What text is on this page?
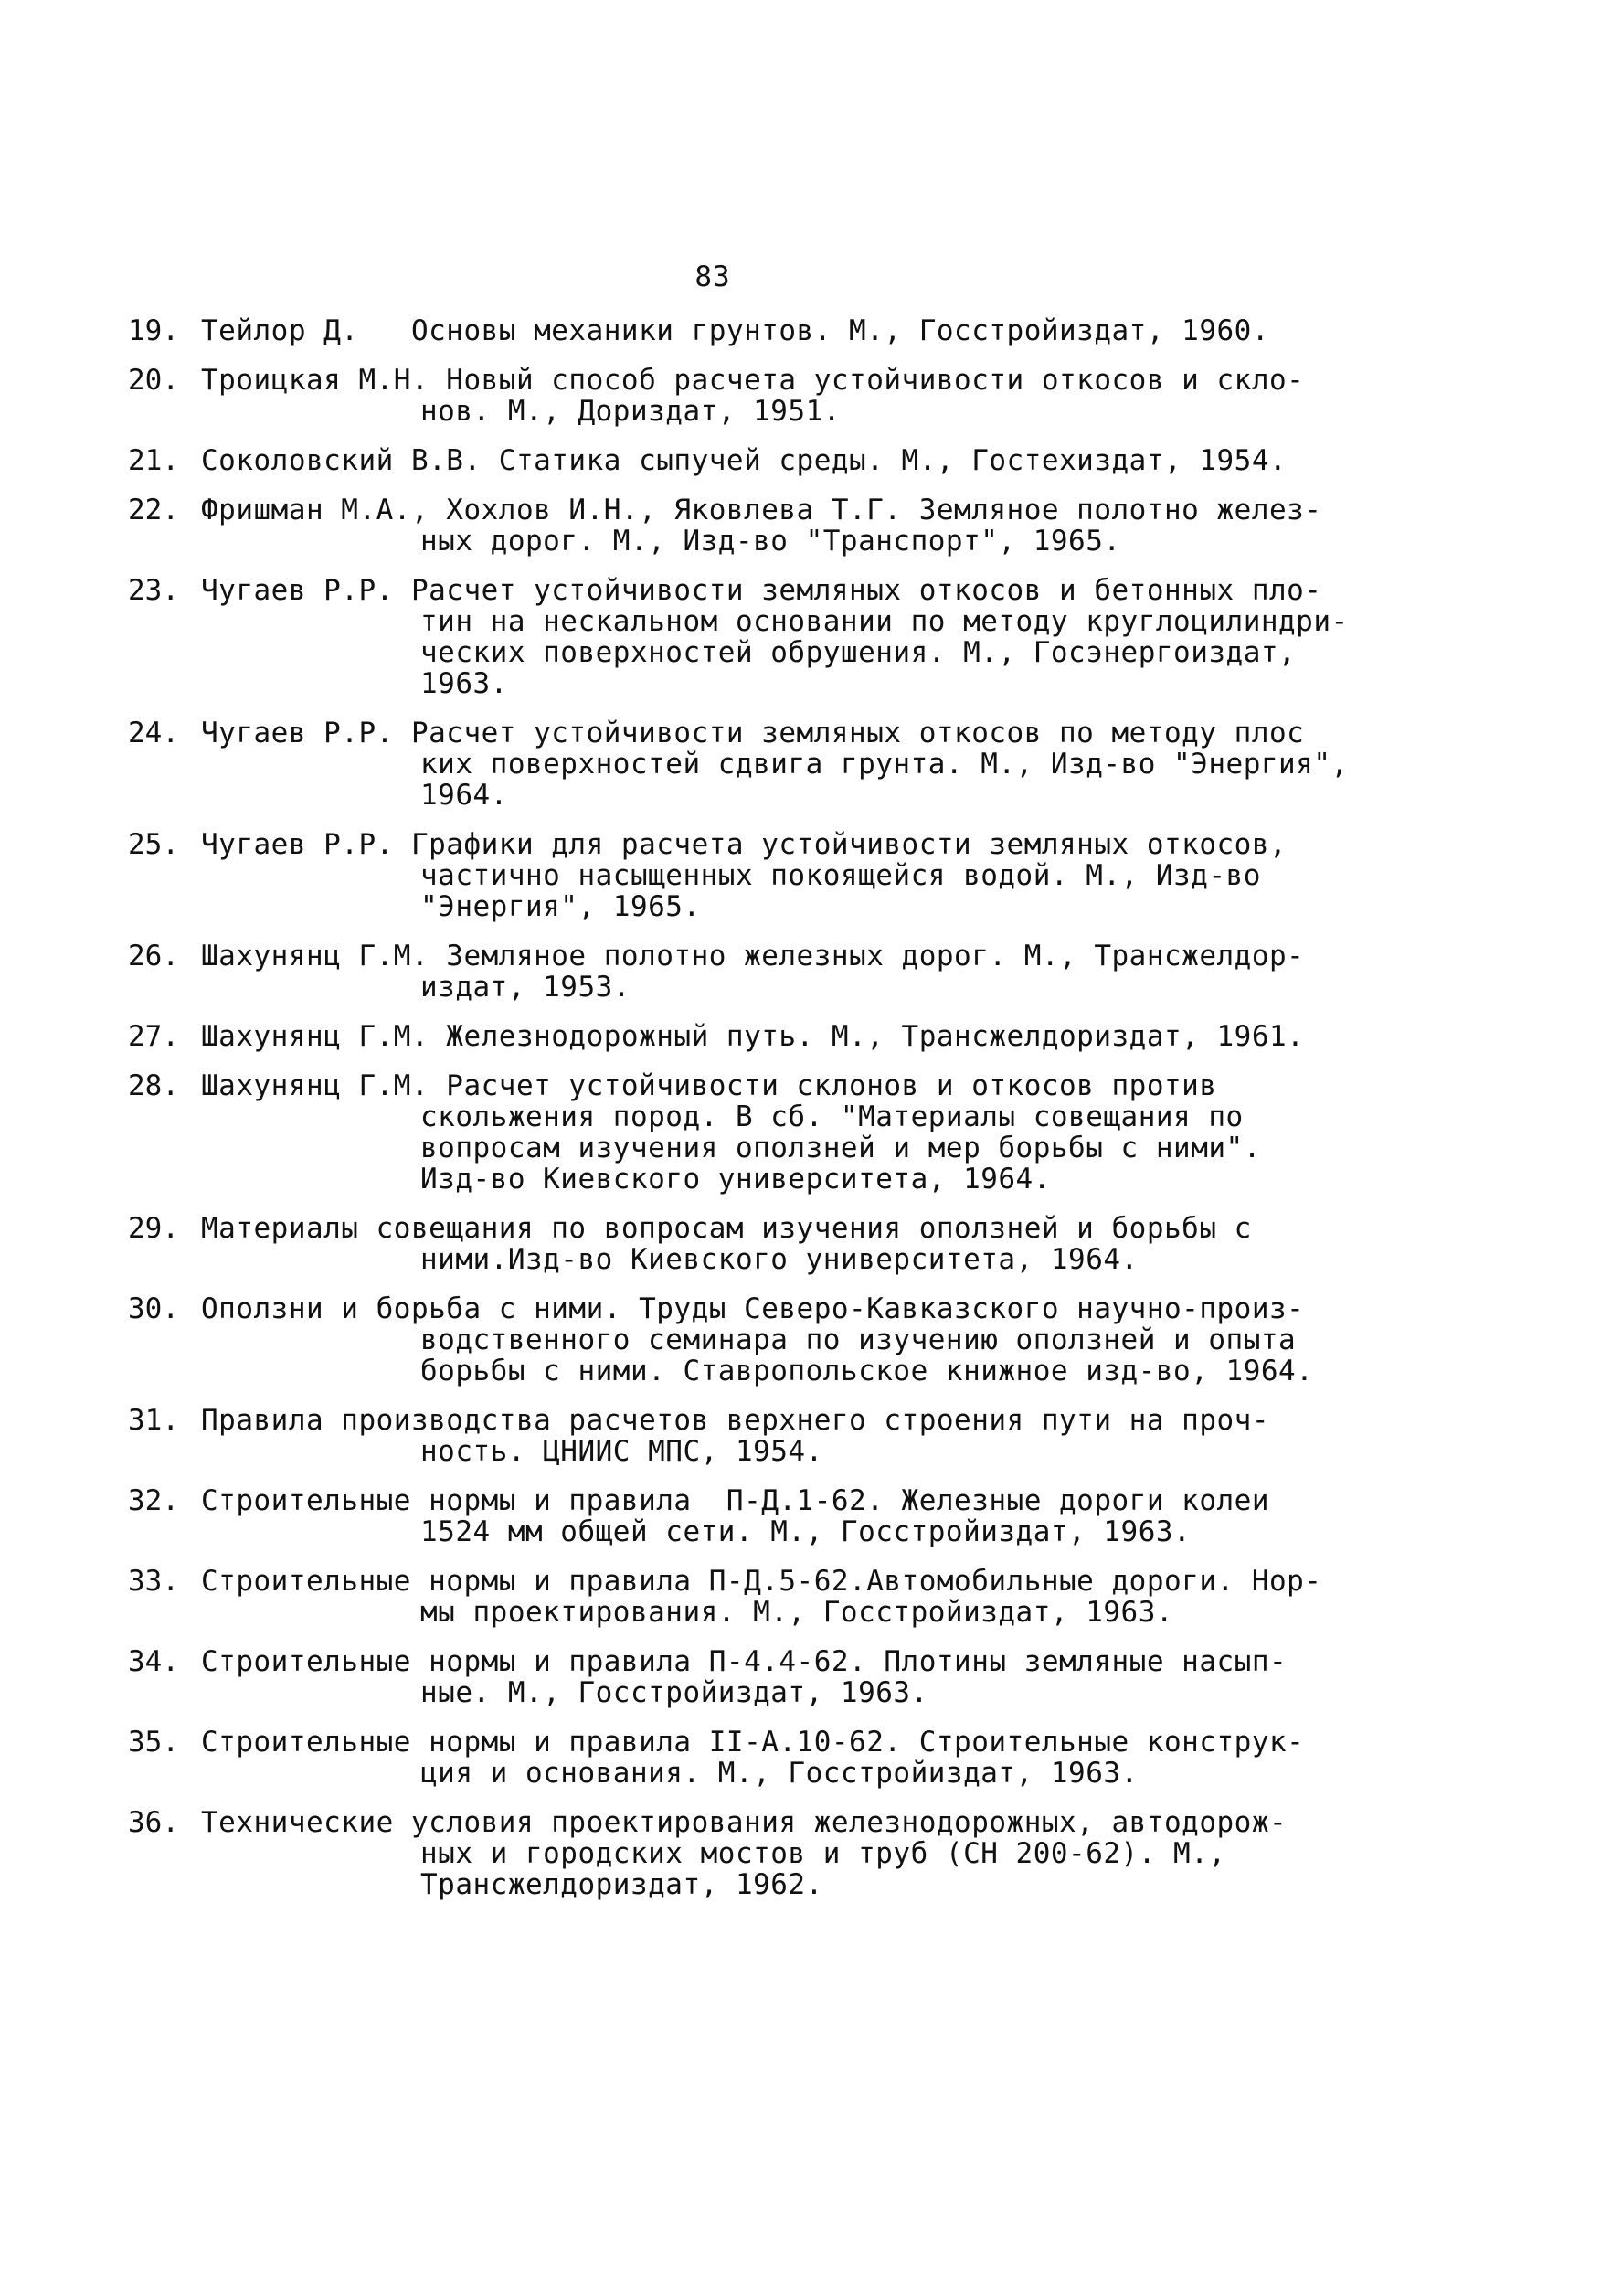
83
19. Тейлор Д.   Основы механики грунтов. М., Госстройиздат, 1960.
20. Троицкая М.Н. Новый способ расчета устойчивости откосов и скло-
нов. М., Дориздат, 1951.
21. Соколовский В.В. Статика сыпучей среды. М., Гостехиздат, 1954.
22. Фришман М.А., Хохлов И.Н., Яковлева Т.Г. Земляное полотно желез-
ных дорог. М., Изд-во "Транспорт", 1965.
23. Чугаев Р.Р. Расчет устойчивости земляных откосов и бетонных пло-
тин на нескальном основании по методу круглоцилиндри-
ческих поверхностей обрушения. М., Госэнергоиздат,
1963.
24. Чугаев Р.Р. Расчет устойчивости земляных откосов по методу плос
ких поверхностей сдвига грунта. М., Изд-во "Энергия",
1964.
25. Чугаев Р.Р. Графики для расчета устойчивости земляных откосов,
частично насыщенных покоящейся водой. М., Изд-во
"Энергия", 1965.
26. Шахунянц Г.М. Земляное полотно железных дорог. М., Трансжелдор-
издат, 1953.
27. Шахунянц Г.М. Железнодорожный путь. М., Трансжелдориздат, 1961.
28. Шахунянц Г.М. Расчет устойчивости склонов и откосов против
скольжения пород. В сб. "Материалы совещания по
вопросам изучения оползней и мер борьбы с ними".
Изд-во Киевского университета, 1964.
29. Материалы совещания по вопросам изучения оползней и борьбы с
ними.Изд-во Киевского университета, 1964.
30. Оползни и борьба с ними. Труды Северо-Кавказского научно-произ-
водственного семинара по изучению оползней и опыта
борьбы с ними. Ставропольское книжное изд-во, 1964.
31. Правила производства расчетов верхнего строения пути на проч-
ность. ЦНИИС МПС, 1954.
32. Строительные нормы и правила  П-Д.1-62. Железные дороги колеи
1524 мм общей сети. М., Госстройиздат, 1963.
33. Строительные нормы и правила П-Д.5-62.Автомобильные дороги. Нор-
мы проектирования. М., Госстройиздат, 1963.
34. Строительные нормы и правила П-4.4-62. Плотины земляные насып-
ные. М., Госстройиздат, 1963.
35. Строительные нормы и правила II-А.10-62. Строительные конструк-
ция и основания. М., Госстройиздат, 1963.
36. Технические условия проектирования железнодорожных, автодорож-
ных и городских мостов и труб (СН 200-62). М.,
Трансжелдориздат, 1962.
